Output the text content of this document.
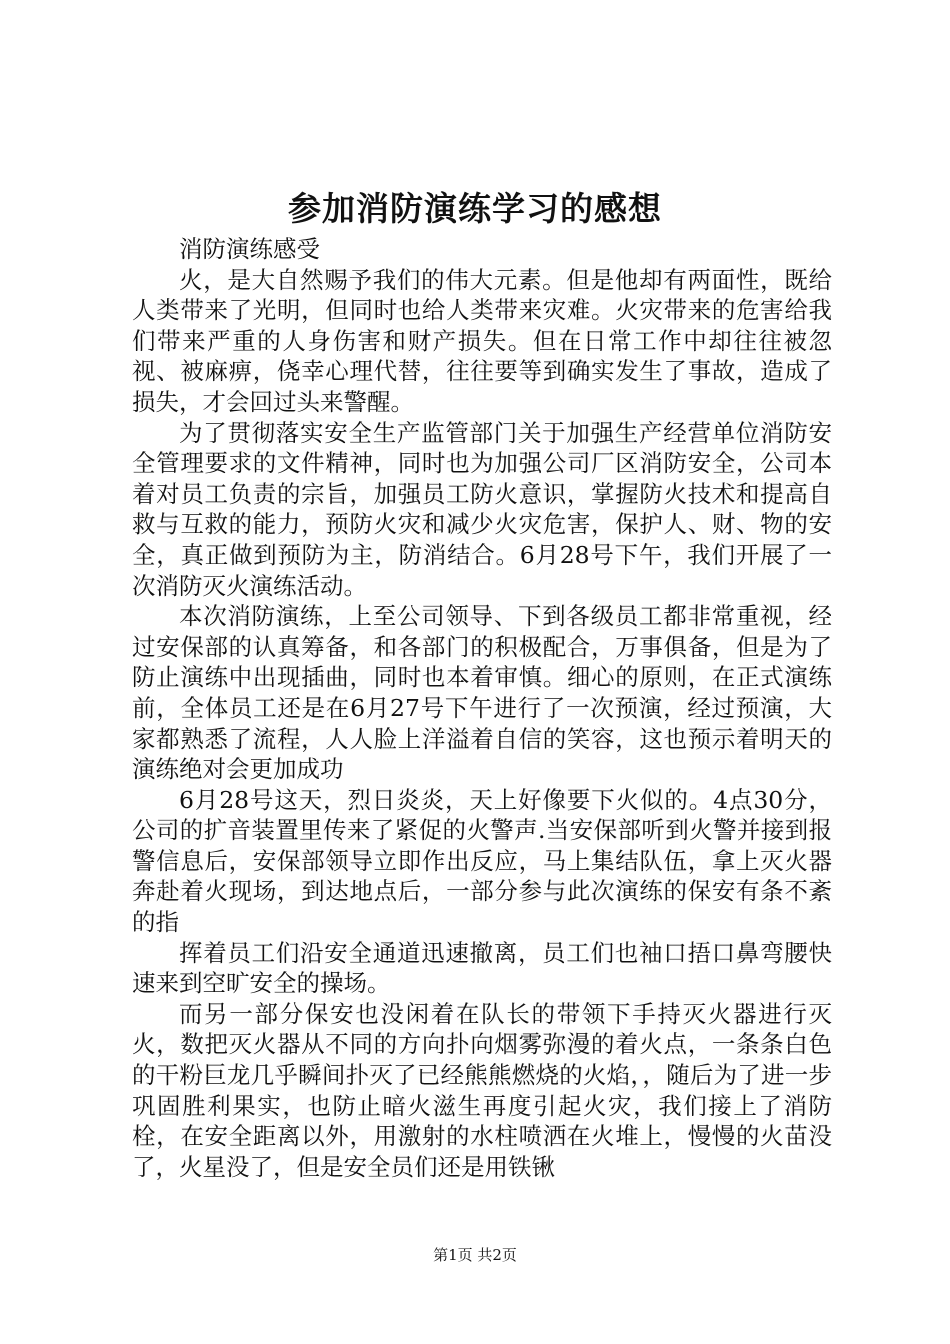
参加消防演练学习的感想

消防演练感受

火，是大自然赐予我们的伟大元素。但是他却有两面性，既给人类带来了光明，但同时也给人类带来灾难。火灾带来的危害给我们带来严重的人身伤害和财产损失。但在日常工作中却往往被忽视、被麻痹，侥幸心理代替，往往要等到确实发生了事故，造成了损失，才会回过头来警醒。

为了贯彻落实安全生产监管部门关于加强生产经营单位消防安全管理要求的文件精神，同时也为加强公司厂区消防安全，公司本着对员工负责的宗旨，加强员工防火意识，掌握防火技术和提高自救与互救的能力，预防火灾和减少火灾危害，保护人、财、物的安全，真正做到预防为主，防消结合。6月28号下午，我们开展了一次消防灭火演练活动。

本次消防演练，上至公司领导、下到各级员工都非常重视，经过安保部的认真筹备，和各部门的积极配合，万事俱备，但是为了防止演练中出现插曲，同时也本着审慎。细心的原则，在正式演练前，全体员工还是在6月27号下午进行了一次预演，经过预演，大家都熟悉了流程，人人脸上洋溢着自信的笑容，这也预示着明天的演练绝对会更加成功

6月28号这天，烈日炎炎，天上好像要下火似的。4点30分，公司的扩音装置里传来了紧促的火警声.当安保部听到火警并接到报警信息后，安保部领导立即作出反应，马上集结队伍，拿上灭火器奔赴着火现场，到达地点后，一部分参与此次演练的保安有条不紊的指

挥着员工们沿安全通道迅速撤离，员工们也袖口捂口鼻弯腰快速来到空旷安全的操场。

而另一部分保安也没闲着在队长的带领下手持灭火器进行灭火，数把灭火器从不同的方向扑向烟雾弥漫的着火点，一条条白色的干粉巨龙几乎瞬间扑灭了已经熊熊燃烧的火焰，，随后为了进一步巩固胜利果实，也防止暗火滋生再度引起火灾，我们接上了消防栓，在安全距离以外，用激射的水柱喷洒在火堆上，慢慢的火苗没了，火星没了，但是安全员们还是用铁锹

第1页 共2页
